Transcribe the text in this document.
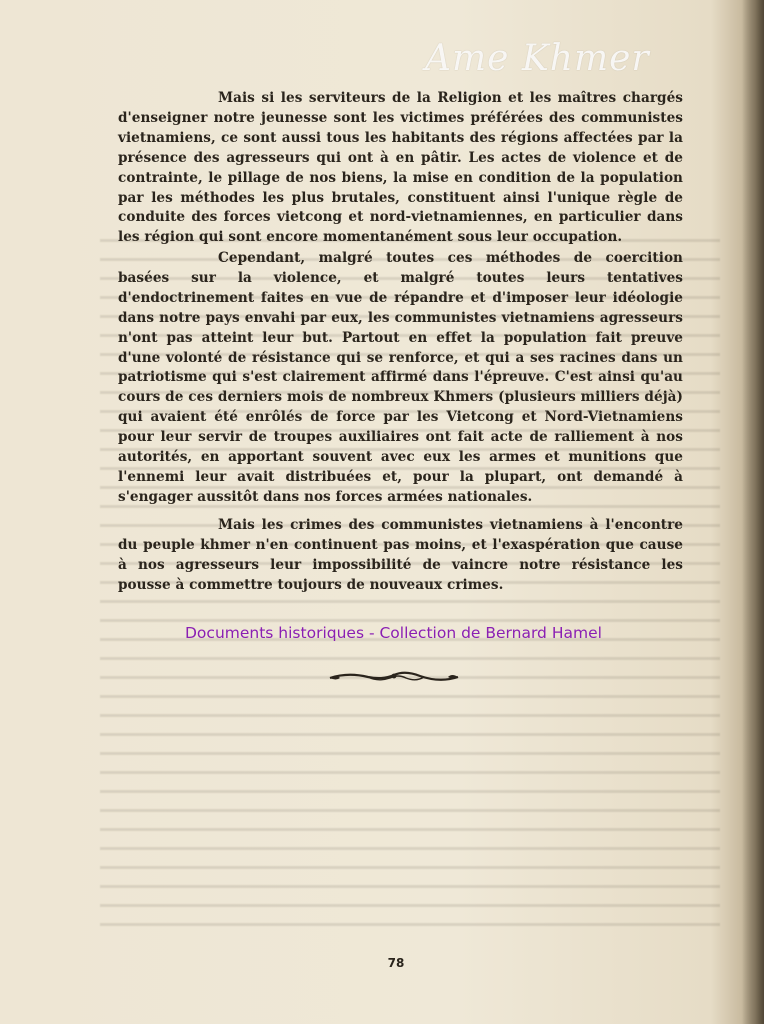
Ame Khmer

Mais si les serviteurs de la Religion et les maîtres chargés d'enseigner notre jeunesse sont les victimes préférées des communistes vietnamiens, ce sont aussi tous les habitants des régions affectées par la présence des agresseurs qui ont à en pâtir. Les actes de violence et de contrainte, le pillage de nos biens, la mise en condition de la population par les méthodes les plus brutales, constituent ainsi l'unique règle de conduite des forces vietcong et nord-vietnamiennes, en particulier dans les région qui sont encore momentanément sous leur occupation.

Cependant, malgré toutes ces méthodes de coercition basées sur la violence, et malgré toutes leurs tentatives d'endoctrinement faites en vue de répandre et d'imposer leur idéologie dans notre pays envahi par eux, les communistes vietnamiens agresseurs n'ont pas atteint leur but. Partout en effet la population fait preuve d'une volonté de résistance qui se renforce, et qui a ses racines dans un patriotisme qui s'est clairement affirmé dans l'épreuve. C'est ainsi qu'au cours de ces derniers mois de nombreux Khmers (plusieurs milliers déjà) qui avaient été enrôlés de force par les Vietcong et Nord-Vietnamiens pour leur servir de troupes auxiliaires ont fait acte de ralliement à nos autorités, en apportant souvent avec eux les armes et munitions que l'ennemi leur avait distribuées et, pour la plupart, ont demandé à s'engager aussitôt dans nos forces armées nationales.

Mais les crimes des communistes vietnamiens à l'encontre du peuple khmer n'en continuent pas moins, et l'exaspération que cause à nos agresseurs leur impossibilité de vaincre notre résistance les pousse à commettre toujours de nouveaux crimes.

Documents historiques - Collection de Bernard Hamel
78
